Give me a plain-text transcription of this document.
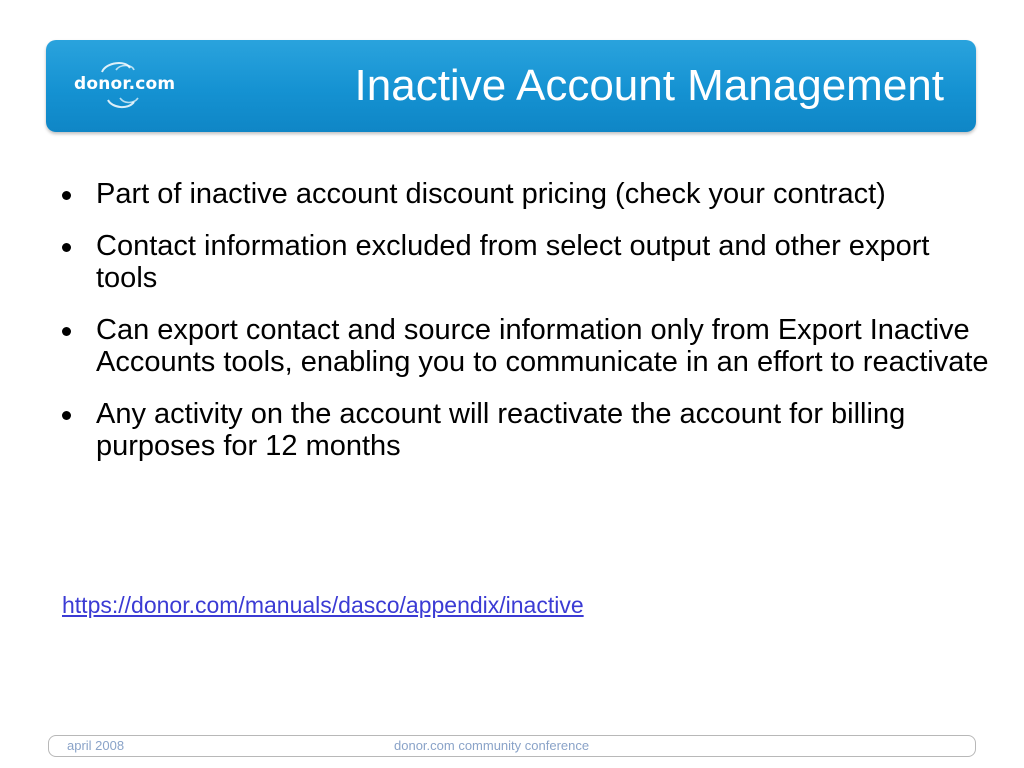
donor.com	Inactive Account Management
Part of inactive account discount pricing (check your contract)
Contact information excluded from select output and other export tools
Can export contact and source information only from Export Inactive Accounts tools, enabling you to communicate in an effort to reactivate
Any activity on the account will reactivate the account for billing purposes for 12 months
https://donor.com/manuals/dasco/appendix/inactive
april 2008	donor.com community conference
